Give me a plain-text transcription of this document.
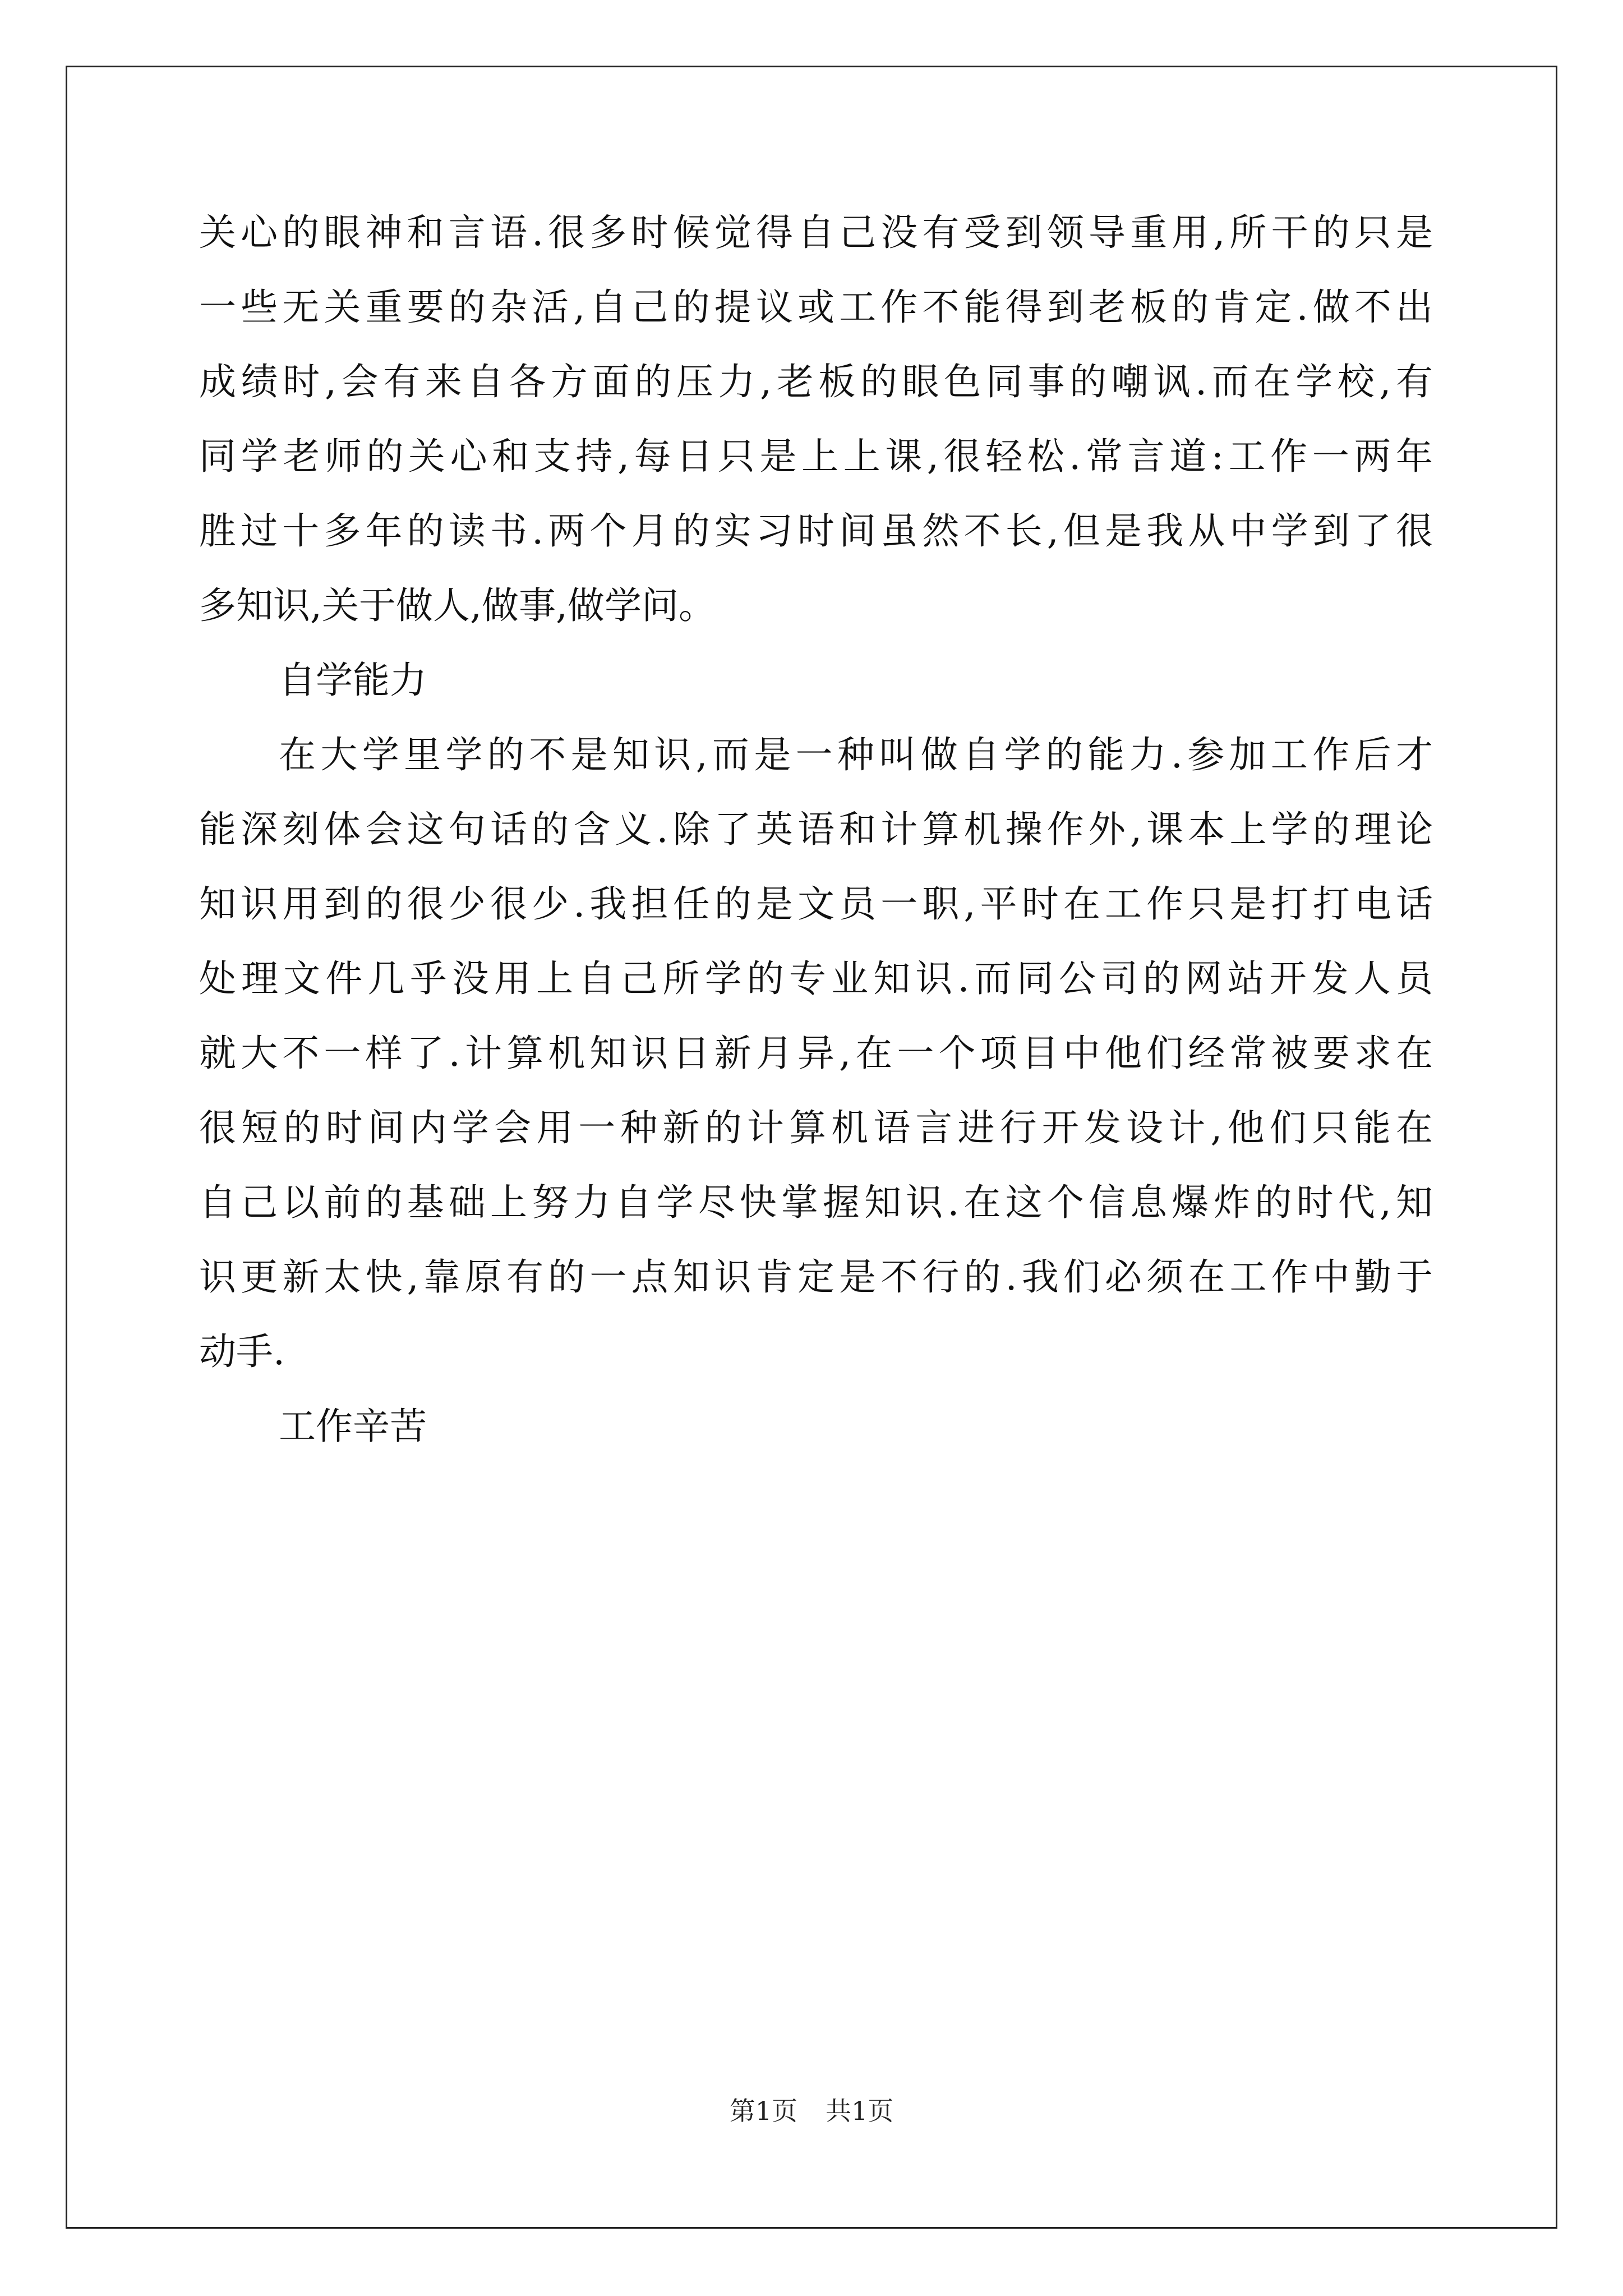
关心的眼神和言语.很多时候觉得自己没有受到领导重用,所干的只是
一些无关重要的杂活,自己的提议或工作不能得到老板的肯定.做不出
成绩时,会有来自各方面的压力,老板的眼色同事的嘲讽.而在学校,有
同学老师的关心和支持,每日只是上上课,很轻松.常言道:工作一两年
胜过十多年的读书.两个月的实习时间虽然不长,但是我从中学到了很
多知识,关于做人,做事,做学问。
自学能力
在大学里学的不是知识,而是一种叫做自学的能力.参加工作后才
能深刻体会这句话的含义.除了英语和计算机操作外,课本上学的理论
知识用到的很少很少.我担任的是文员一职,平时在工作只是打打电话
处理文件几乎没用上自己所学的专业知识.而同公司的网站开发人员
就大不一样了.计算机知识日新月异,在一个项目中他们经常被要求在
很短的时间内学会用一种新的计算机语言进行开发设计,他们只能在
自己以前的基础上努力自学尽快掌握知识.在这个信息爆炸的时代,知
识更新太快,靠原有的一点知识肯定是不行的.我们必须在工作中勤于
动手.
工作辛苦
第1页 共1页
